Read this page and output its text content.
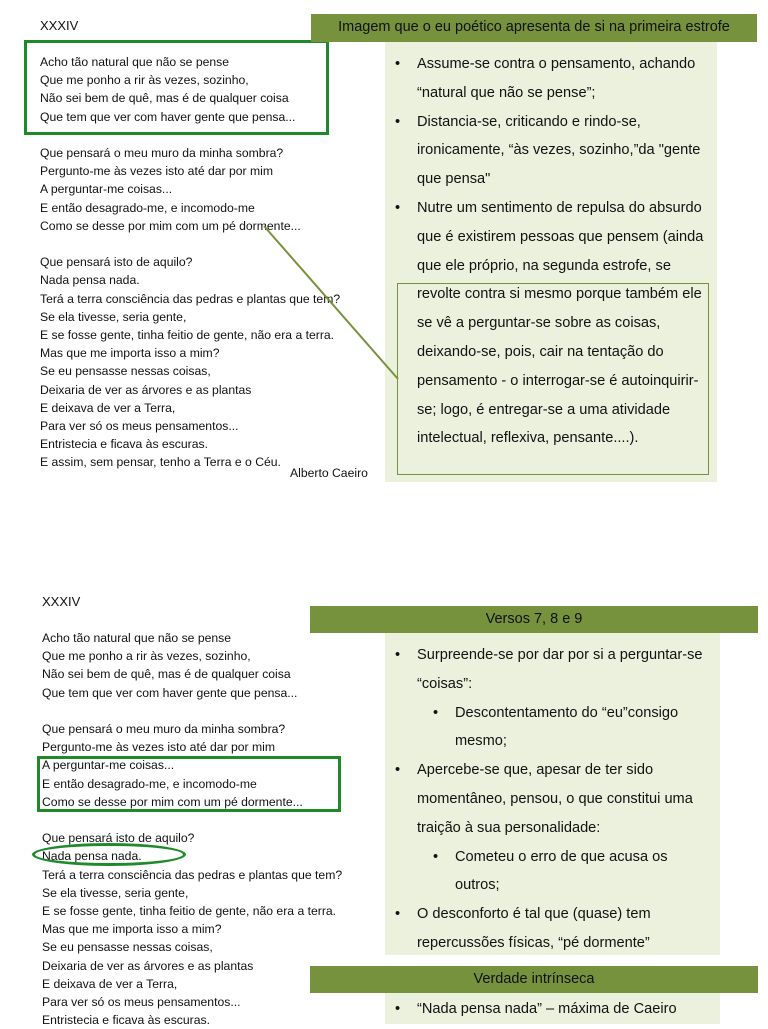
XXXIV
Acho tão natural que não se pense
Que me ponho a rir às vezes, sozinho,
Não sei bem de quê, mas é de qualquer coisa
Que tem que ver com haver gente que pensa...
Que pensará o meu muro da minha sombra?
Pergunto-me às vezes isto até dar por mim
A perguntar-me coisas...
E então desagrado-me, e incomodo-me
Como se desse por mim com um pé dormente...
Que pensará isto de aquilo?
Nada pensa nada.
Terá a terra consciência das pedras e plantas que tem?
Se ela tivesse, seria gente,
E se fosse gente, tinha feitio de gente, não era a terra.
Mas que me importa isso a mim?
Se eu pensasse nessas coisas,
Deixaria de ver as árvores e as plantas
E deixava de ver a Terra,
Para ver só os meus pensamentos...
Entristecia e ficava às escuras.
E assim, sem pensar, tenho a Terra e o Céu.
Alberto Caeiro
Imagem que o eu poético apresenta de si na primeira estrofe
• Assume-se contra o pensamento, achando “natural que não se pense”;
• Distancia-se, criticando e rindo-se, ironicamente, “às vezes, sozinho,”da "gente que pensa"
• Nutre um sentimento de repulsa do absurdo que é existirem pessoas que pensem (ainda que ele próprio, na segunda estrofe, se revolte contra si mesmo porque também ele se vê a perguntar-se sobre as coisas, deixando-se, pois, cair na tentação do pensamento - o interrogar-se é autoinquirir-se; logo, é entregar-se a uma atividade intelectual, reflexiva, pensante....).
XXXIV
Acho tão natural que não se pense
Que me ponho a rir às vezes, sozinho,
Não sei bem de quê, mas é de qualquer coisa
Que tem que ver com haver gente que pensa...
Que pensará o meu muro da minha sombra?
Pergunto-me às vezes isto até dar por mim
A perguntar-me coisas...
E então desagrado-me, e incomodo-me
Como se desse por mim com um pé dormente...
Que pensará isto de aquilo?
Nada pensa nada.
Terá a terra consciência das pedras e plantas que tem?
Se ela tivesse, seria gente,
E se fosse gente, tinha feitio de gente, não era a terra.
Mas que me importa isso a mim?
Se eu pensasse nessas coisas,
Deixaria de ver as árvores e as plantas
E deixava de ver a Terra,
Para ver só os meus pensamentos...
Entristecia e ficava às escuras.
Versos 7, 8 e 9
• Surpreende-se por dar por si a perguntar-se “coisas”:
• Descontentamento do “eu”consigo mesmo;
• Apercebe-se que, apesar de ter sido momentâneo, pensou, o que constitui uma traição à sua personalidade:
• Cometeu o erro de que acusa os outros;
• O desconforto é tal que (quase) tem repercussões físicas, “pé dormente”
Verdade intrínseca
• “Nada pensa nada” – máxima de Caeiro
